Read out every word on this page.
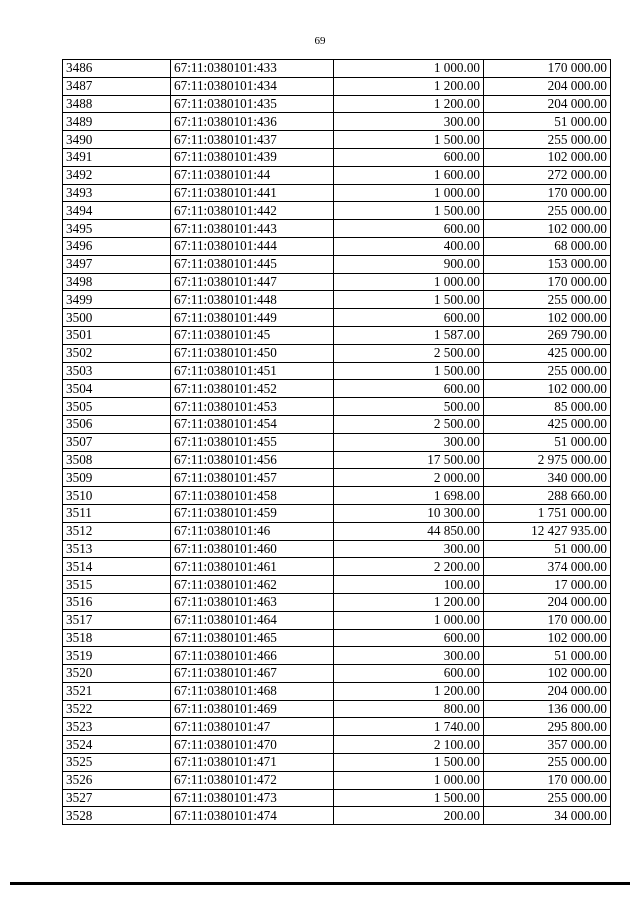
69
3486	67:11:0380101:433	1 000.00	170 000.00
3487	67:11:0380101:434	1 200.00	204 000.00
3488	67:11:0380101:435	1 200.00	204 000.00
3489	67:11:0380101:436	300.00	51 000.00
3490	67:11:0380101:437	1 500.00	255 000.00
3491	67:11:0380101:439	600.00	102 000.00
3492	67:11:0380101:44	1 600.00	272 000.00
3493	67:11:0380101:441	1 000.00	170 000.00
3494	67:11:0380101:442	1 500.00	255 000.00
3495	67:11:0380101:443	600.00	102 000.00
3496	67:11:0380101:444	400.00	68 000.00
3497	67:11:0380101:445	900.00	153 000.00
3498	67:11:0380101:447	1 000.00	170 000.00
3499	67:11:0380101:448	1 500.00	255 000.00
3500	67:11:0380101:449	600.00	102 000.00
3501	67:11:0380101:45	1 587.00	269 790.00
3502	67:11:0380101:450	2 500.00	425 000.00
3503	67:11:0380101:451	1 500.00	255 000.00
3504	67:11:0380101:452	600.00	102 000.00
3505	67:11:0380101:453	500.00	85 000.00
3506	67:11:0380101:454	2 500.00	425 000.00
3507	67:11:0380101:455	300.00	51 000.00
3508	67:11:0380101:456	17 500.00	2 975 000.00
3509	67:11:0380101:457	2 000.00	340 000.00
3510	67:11:0380101:458	1 698.00	288 660.00
3511	67:11:0380101:459	10 300.00	1 751 000.00
3512	67:11:0380101:46	44 850.00	12 427 935.00
3513	67:11:0380101:460	300.00	51 000.00
3514	67:11:0380101:461	2 200.00	374 000.00
3515	67:11:0380101:462	100.00	17 000.00
3516	67:11:0380101:463	1 200.00	204 000.00
3517	67:11:0380101:464	1 000.00	170 000.00
3518	67:11:0380101:465	600.00	102 000.00
3519	67:11:0380101:466	300.00	51 000.00
3520	67:11:0380101:467	600.00	102 000.00
3521	67:11:0380101:468	1 200.00	204 000.00
3522	67:11:0380101:469	800.00	136 000.00
3523	67:11:0380101:47	1 740.00	295 800.00
3524	67:11:0380101:470	2 100.00	357 000.00
3525	67:11:0380101:471	1 500.00	255 000.00
3526	67:11:0380101:472	1 000.00	170 000.00
3527	67:11:0380101:473	1 500.00	255 000.00
3528	67:11:0380101:474	200.00	34 000.00
